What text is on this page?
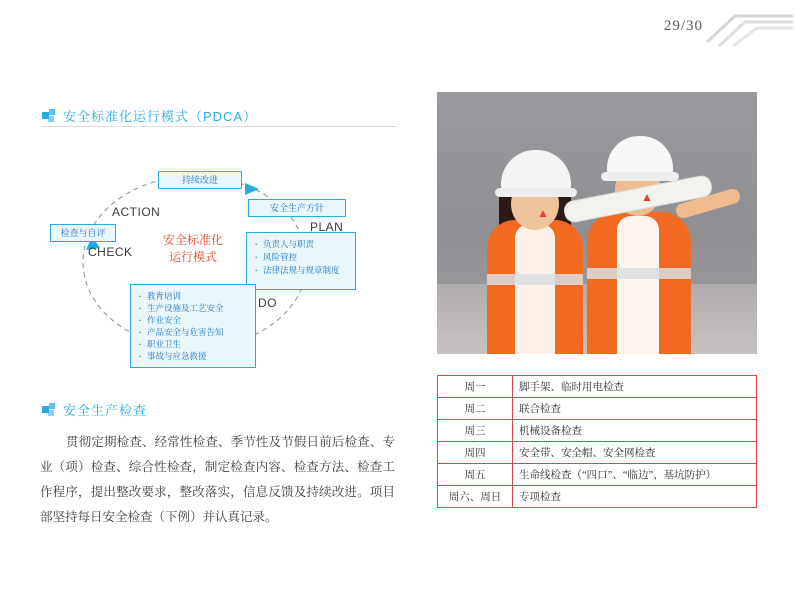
29/30
安全标准化运行模式（PDCA）
持续改进
安全生产方针
检查与自评
· 负责人与职责
· 风险管控
· 法律法规与规章制度
· 教育培训
· 生产设施及工艺安全
· 作业安全
· 产品安全与危害告知
· 职业卫生
· 事故与应急救援
ACTION
PLAN
CHECK
DO
安全标准化
运行模式
安全生产检查
贯彻定期检查、经常性检查、季节性及节假日前后检查、专业（项）检查、综合性检查，制定检查内容、检查方法、检查工作程序，提出整改要求，整改落实，信息反馈及持续改进。项目部坚持每日安全检查（下例）并认真记录。
▲
▲
周一	脚手架、临时用电检查
周二	联合检查
周三	机械设备检查
周四	安全带、安全帽、安全网检查
周五	生命线检查（“四口”、“临边”、基坑防护）
周六、周日	专项检查
